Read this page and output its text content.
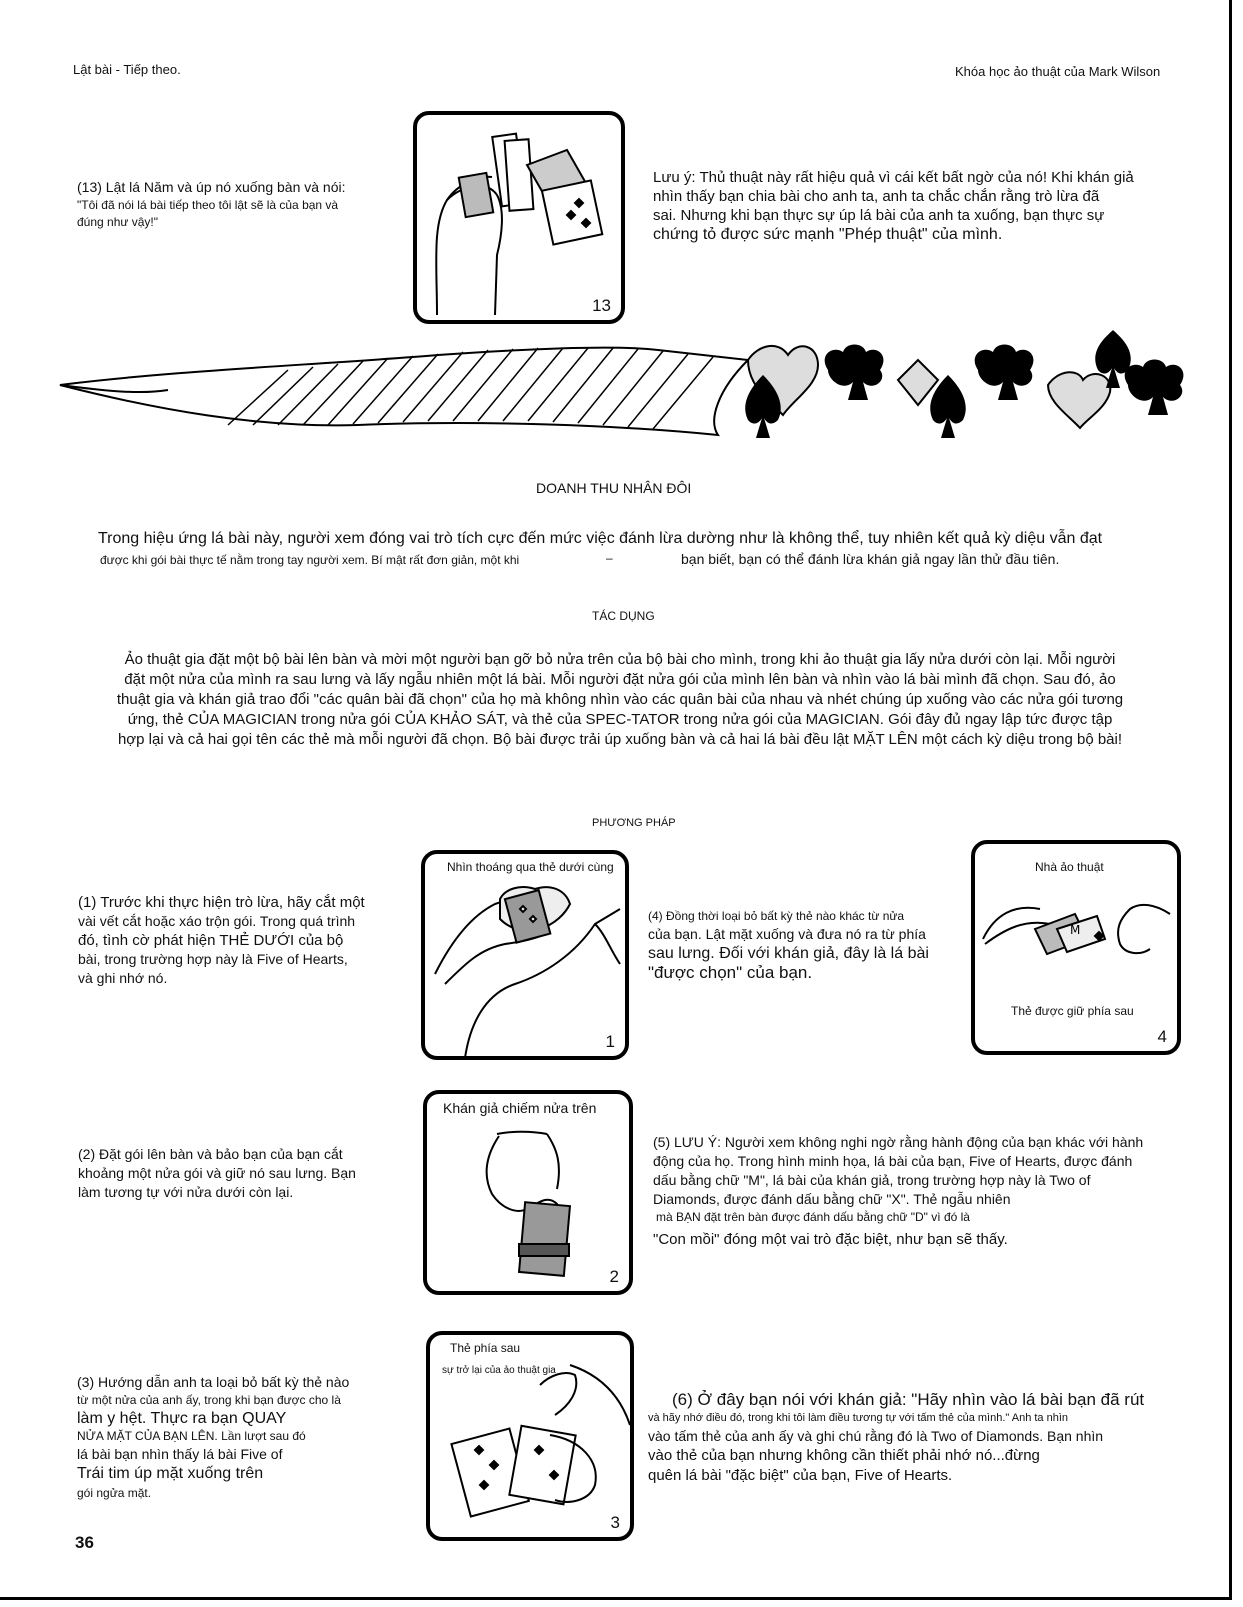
Lật bài - Tiếp theo.	Khóa học ảo thuật của Mark Wilson
(13) Lật lá Năm và úp nó xuống bàn và nói:
"Tôi đã nói lá bài tiếp theo tôi lật sẽ là của bạn và
đúng như vậy!"
13
Lưu ý: Thủ thuật này rất hiệu quả vì cái kết bất ngờ của nó! Khi khán giả
nhìn thấy bạn chia bài cho anh ta, anh ta chắc chắn rằng trò lừa đã
sai. Nhưng khi bạn thực sự úp lá bài của anh ta xuống, bạn thực sự
chứng tỏ được sức mạnh "Phép thuật" của mình.
DOANH THU NHÂN ĐÔI
Trong hiệu ứng lá bài này, người xem đóng vai trò tích cực đến mức việc đánh lừa dường như là không thể, tuy nhiên kết quả kỳ diệu vẫn đạt
được khi gói bài thực tế nằm trong tay người xem. Bí mật rất đơn giản, một khi	–	bạn biết, bạn có thể đánh lừa khán giả ngay lần thử đầu tiên.
TÁC DỤNG
Ảo thuật gia đặt một bộ bài lên bàn và mời một người bạn gỡ bỏ nửa trên của bộ bài cho mình, trong khi ảo thuật gia lấy nửa dưới còn lại. Mỗi người
đặt một nửa của mình ra sau lưng và lấy ngẫu nhiên một lá bài. Mỗi người đặt nửa gói của mình lên bàn và nhìn vào lá bài mình đã chọn. Sau đó, ảo
thuật gia và khán giả trao đổi "các quân bài đã chọn" của họ mà không nhìn vào các quân bài của nhau và nhét chúng úp xuống vào các nửa gói tương
ứng, thẻ CỦA MAGICIAN trong nửa gói CỦA KHẢO SÁT, và thẻ của SPEC-TATOR trong nửa gói của MAGICIAN. Gói đây đủ ngay lập tức được tập
hợp lại và cả hai gọi tên các thẻ mà mỗi người đã chọn. Bộ bài được trải úp xuống bàn và cả hai lá bài đều lật MẶT LÊN một cách kỳ diệu trong bộ bài!
PHƯƠNG PHÁP
(1) Trước khi thực hiện trò lừa, hãy cắt một
vài vết cắt hoặc xáo trộn gói. Trong quá trình
đó, tình cờ phát hiện THẺ DƯỚI của bộ
bài, trong trường hợp này là Five of Hearts,
và ghi nhớ nó.
Nhìn thoáng qua thẻ dưới cùng
1
(4) Đồng thời loại bỏ bất kỳ thẻ nào khác từ nửa
của bạn. Lật mặt xuống và đưa nó ra từ phía
sau lưng. Đối với khán giả, đây là lá bài
"được chọn" của bạn.
Nhà ảo thuật
M
Thẻ được giữ phía sau
4
(2) Đặt gói lên bàn và bảo bạn của bạn cắt
khoảng một nửa gói và giữ nó sau lưng. Bạn
làm tương tự với nửa dưới còn lại.
Khán giả chiếm nửa trên
2
(5) LƯU Ý: Người xem không nghi ngờ rằng hành động của bạn khác với hành
động của họ. Trong hình minh họa, lá bài của bạn, Five of Hearts, được đánh
dấu bằng chữ "M", lá bài của khán giả, trong trường hợp này là Two of
Diamonds, được đánh dấu bằng chữ "X". Thẻ ngẫu nhiên
mà BẠN đặt trên bàn được đánh dấu bằng chữ "D" vì đó là
"Con mồi" đóng một vai trò đặc biệt, như bạn sẽ thấy.
(3) Hướng dẫn anh ta loại bỏ bất kỳ thẻ nào
từ một nửa của anh ấy, trong khi bạn được cho là
làm y hệt. Thực ra bạn QUAY
NỬA MẶT CỦA BẠN LÊN. Lần lượt sau đó
lá bài bạn nhìn thấy lá bài Five of
Trái tim úp mặt xuống trên
gói ngửa mặt.
Thẻ phía sau
sự trở lại của ảo thuật gia
3
(6) Ở đây bạn nói với khán giả: "Hãy nhìn vào lá bài bạn đã rút
và hãy nhớ điều đó, trong khi tôi làm điều tương tự với tấm thẻ của mình." Anh ta nhìn
vào tấm thẻ của anh ấy và ghi chú rằng đó là Two of Diamonds. Bạn nhìn
vào thẻ của bạn nhưng không cần thiết phải nhớ nó...đừng
quên lá bài "đặc biệt" của bạn, Five of Hearts.
36
